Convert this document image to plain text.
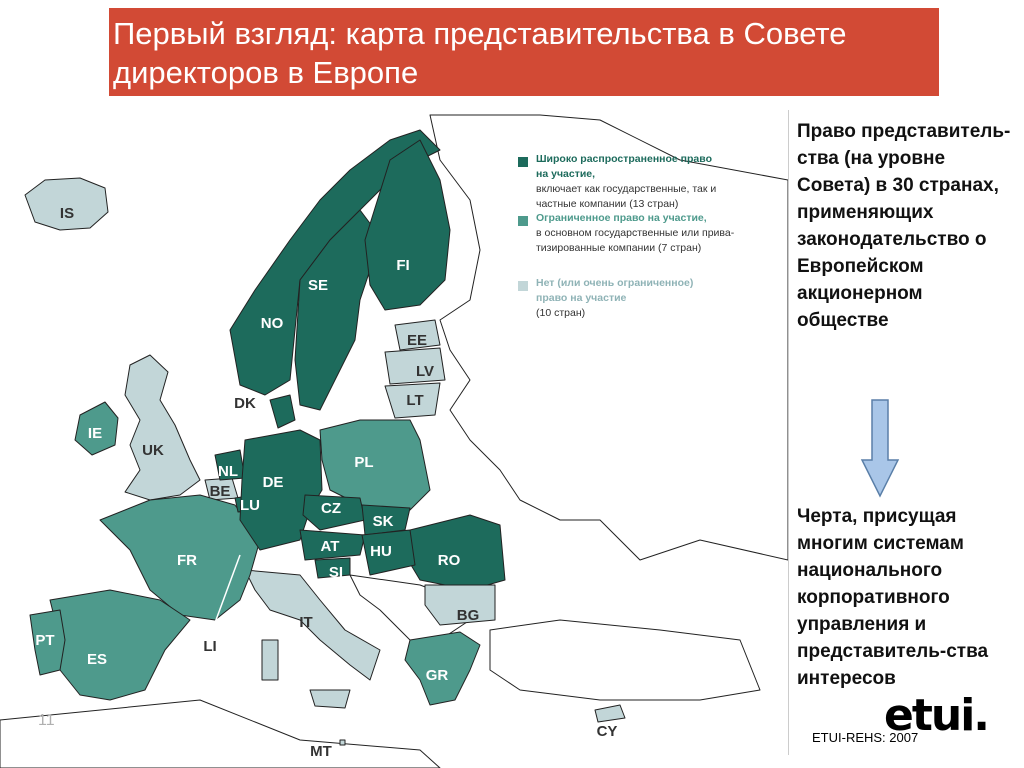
Первый взгляд: карта представительства в Совете директоров в Европе
IS
NO
SE
FI
EE
LV
LT
DK
IE
UK
NL
BE
LU
DE
PL
CZ
SK
AT HU
SI
RO
FR
LI
IT
PT
ES
BG
GR
MT
CY
Широко распространенное право на участие,
включает как государственные, так и
частные компании (13 стран)
Ограниченное право на участие,
в основном государственные или прива-
тизированные компании (7 стран)
Нет (или очень ограниченное)
право на участие
(10 стран)
11
Право представитель-ства (на уровне Совета) в 30 странах, применяющих законодательство о Европейском акционерном обществе
Черта, присущая многим системам национального корпоративного управления и представитель-ства интересов
etui.
ETUI-REHS: 2007
